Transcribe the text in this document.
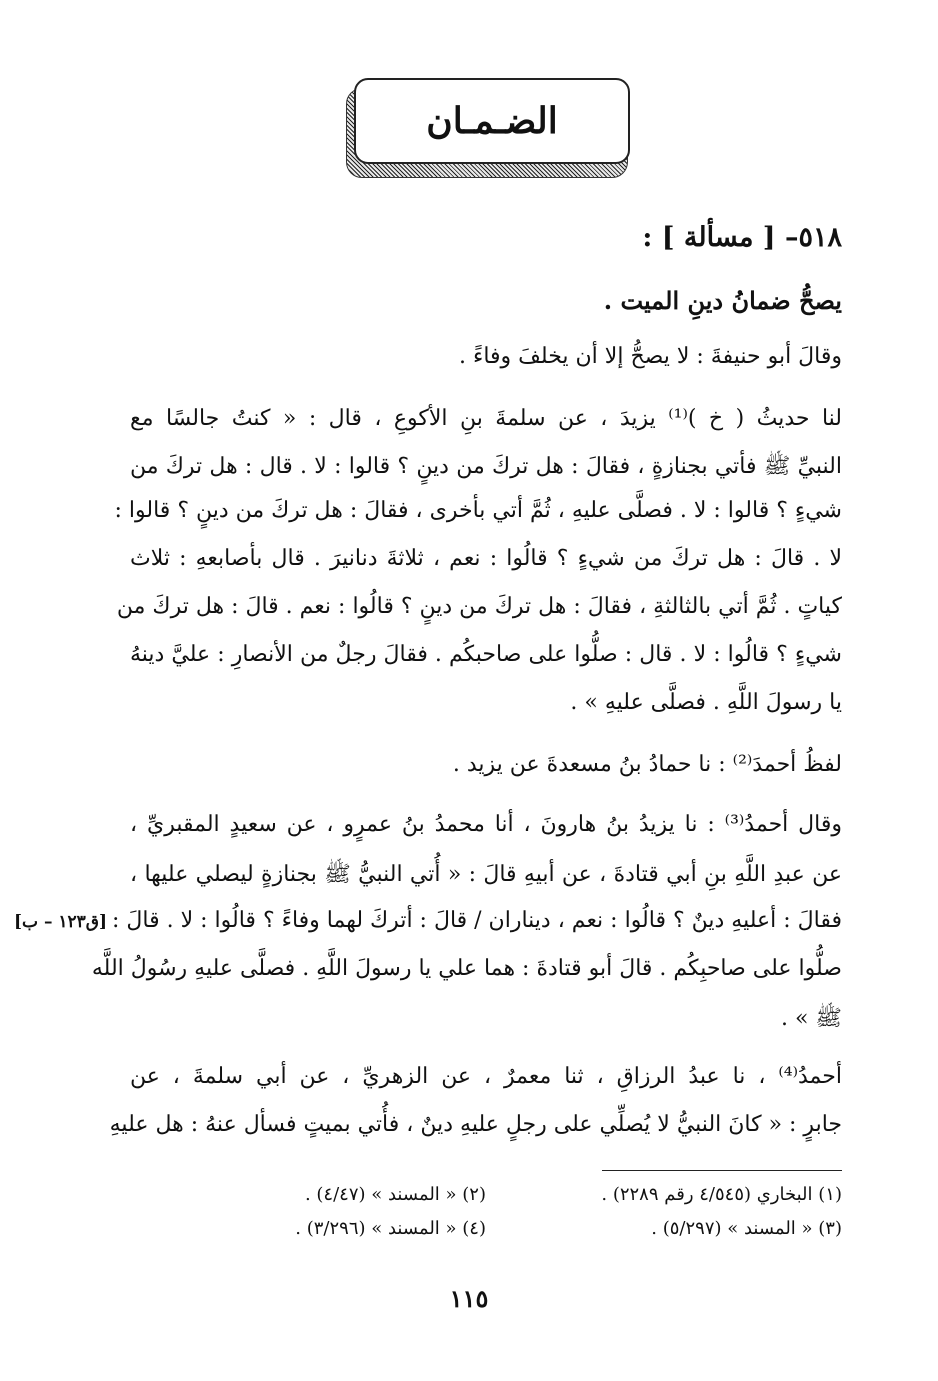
الضـمـان
٥١٨– [ مسألة ] :
يصحُّ ضمانُ دينِ الميت .
وقالَ أبو حنيفةَ : لا يصحُّ إلا أن يخلفَ وفاءً .
لنا حديثُ ( خ )⁽¹⁾ يزيدَ ، عن سلمةَ بنِ الأكوعِ ، قال : « كنتُ جالسًا مع
النبيِّ ﷺ فأتي بجنازةٍ ، فقالَ : هل تركَ من دينٍ ؟ قالوا : لا . قال : هل تركَ من
شيءٍ ؟ قالوا : لا . فصلَّى عليهِ ، ثُمَّ أتي بأخرى ، فقالَ : هل تركَ من دينٍ ؟ قالوا :
لا . قالَ : هل تركَ من شيءٍ ؟ قالُوا : نعم ، ثلاثةَ دنانيرَ . قال بأصابعهِ : ثلاث
كياتٍ . ثُمَّ أتي بالثالثةِ ، فقالَ : هل تركَ من دينٍ ؟ قالُوا : نعم . قالَ : هل تركَ من
شيءٍ ؟ قالُوا : لا . قال : صلُّوا على صاحبكُم . فقالَ رجلٌ من الأنصارِ : عليَّ دينهُ
يا رسولَ اللَّهِ . فصلَّى عليهِ » .
لفظُ أحمدَ⁽²⁾ : نا حمادُ بنُ مسعدةَ عن يزيد .
وقال أحمدُ⁽³⁾ : نا يزيدُ بنُ هارونَ ، أنا محمدُ بنُ عمرٍو ، عن سعيدٍ المقبريِّ ،
عن عبدِ اللَّهِ بنِ أبي قتادةَ ، عن أبيهِ قالَ : « أُتي النبيُّ ﷺ بجنازةٍ ليصلي عليها ،
فقالَ : أعليهِ دينٌ ؟ قالُوا : نعم ، ديناران / قالَ : أتركَ لهما وفاءً ؟ قالُوا : لا . قالَ :
صلُّوا على صاحبِكُم . قالَ أبو قتادةَ : هما علي يا رسولَ اللَّهِ . فصلَّى عليهِ رسُولُ اللَّه
ﷺ » .
[ق١٢٣ – ب]
أحمدُ⁽⁴⁾ ، نا عبدُ الرزاقِ ، ثنا معمرٌ ، عن الزهريِّ ، عن أبي سلمةَ ، عن
جابرٍ : « كانَ النبيُّ لا يُصلِّي على رجلٍ عليهِ دينٌ ، فأُتي بميتٍ فسأل عنهُ : هل عليهِ
(١) البخاري (٤/٥٤٥ رقم ٢٢٨٩) .
(٢) « المسند » (٤/٤٧) .
(٣) « المسند » (٥/٢٩٧) .
(٤) « المسند » (٣/٢٩٦) .
١١٥
